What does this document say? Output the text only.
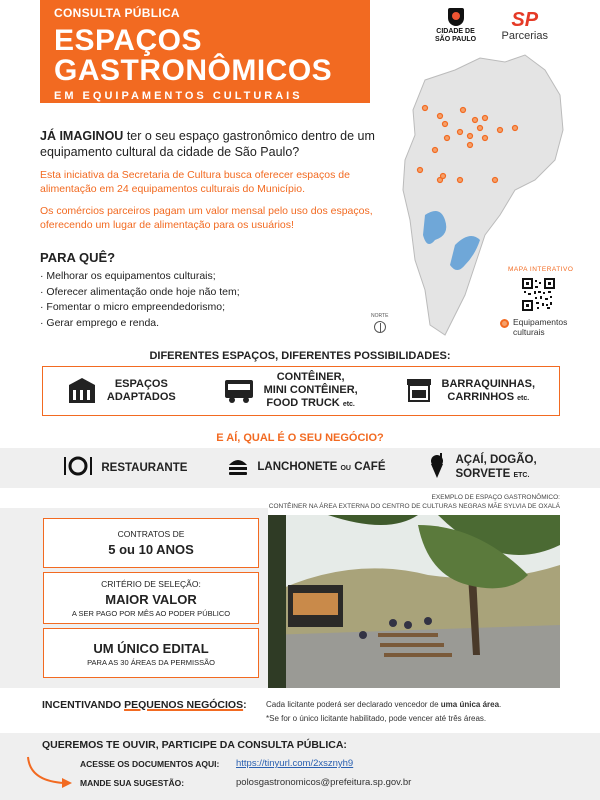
CONSULTA PÚBLICA
ESPAÇOS
GASTRONÔMICOS
EM EQUIPAMENTOS CULTURAIS
CIDADE DE SÃO PAULO
SP
Parcerias

JÁ IMAGINOU ter o seu espaço gastronômico dentro de um equipamento cultural da cidade de São Paulo?

Esta iniciativa da Secretaria de Cultura busca oferecer espaços de alimentação em 24 equipamentos culturais do Município.

Os comércios parceiros pagam um valor mensal pelo uso dos espaços, oferecendo um lugar de alimentação para os usuários!

PARA QUÊ?
· Melhorar os equipamentos culturais;
· Oferecer alimentação onde hoje não tem;
· Fomentar o micro empreendedorismo;
· Gerar emprego e renda.
MAPA INTERATIVO
Equipamentos culturais
NORTE
DIFERENTES ESPAÇOS, DIFERENTES POSSIBILIDADES:
ESPAÇOS
ADAPTADOS
CONTÊINER,
MINI CONTÊINER,
FOOD TRUCK etc.
BARRAQUINHAS,
CARRINHOS etc.
E AÍ, QUAL É O SEU NEGÓCIO?
RESTAURANTE	LANCHONETE OU CAFÉ
AÇAÍ, DOGÃO,
SORVETE ETC.
EXEMPLO DE ESPAÇO GASTRONÔMICO:
CONTÊINER NA ÁREA EXTERNA DO CENTRO DE CULTURAS NEGRAS MÃE SYLVIA DE OXALÁ
CONTRATOS DE
5 ou 10 ANOS
CRITÉRIO DE SELEÇÃO:
MAIOR VALOR
A SER PAGO POR MÊS AO PODER PÚBLICO
UM ÚNICO EDITAL
PARA AS 30 ÁREAS DA PERMISSÃO
INCENTIVANDO PEQUENOS NEGÓCIOS: Cada licitante poderá ser declarado vencedor de uma única área.
*Se for o único licitante habilitado, pode vencer até três áreas.
QUEREMOS TE OUVIR, PARTICIPE DA CONSULTA PÚBLICA:
ACESSE OS DOCUMENTOS AQUI: https://tinyurl.com/2xsznyh9
MANDE SUA SUGESTÃO:	polosgastronomicos@prefeitura.sp.gov.br
